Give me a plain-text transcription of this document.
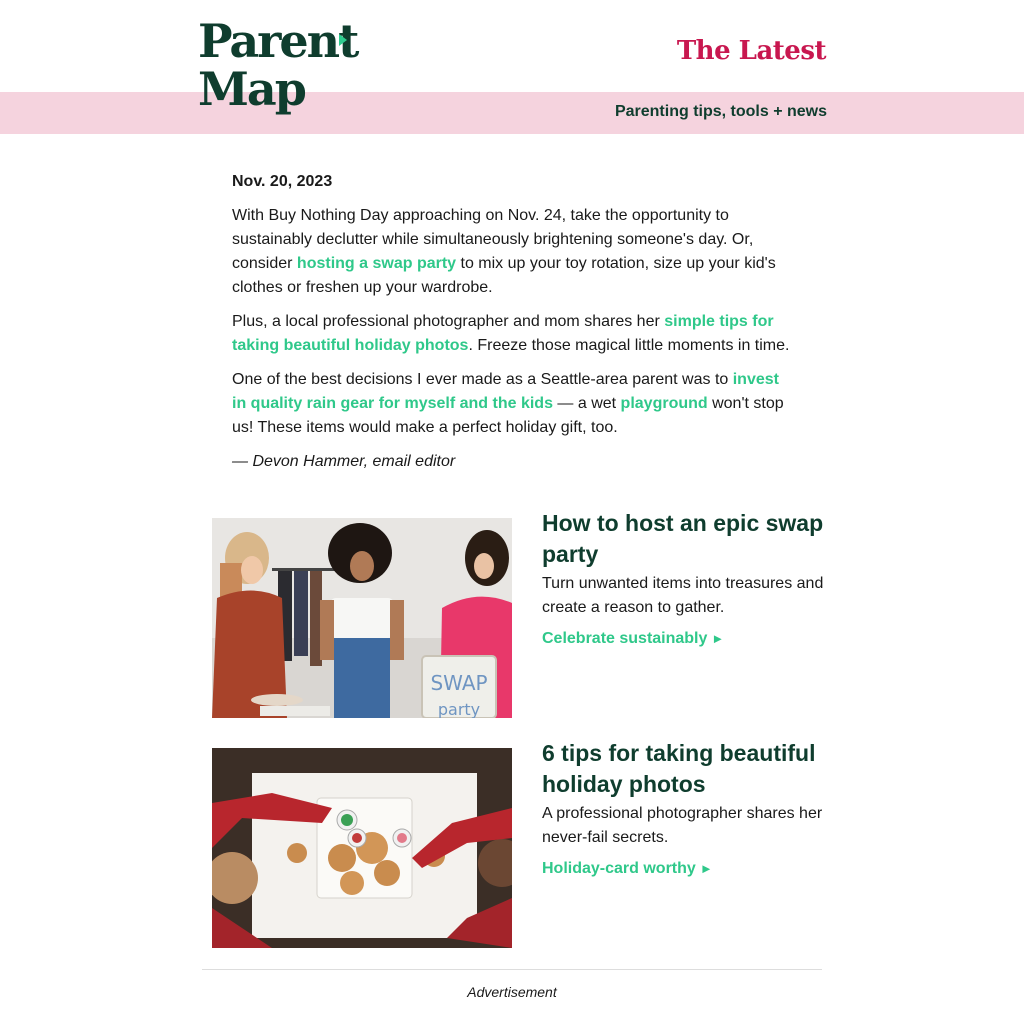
Parent
Map
The Latest
Parenting tips, tools + news
Nov. 20, 2023

With Buy Nothing Day approaching on Nov. 24, take the opportunity to sustainably declutter while simultaneously brightening someone's day. Or, consider hosting a swap party to mix up your toy rotation, size up your kid's clothes or freshen up your wardrobe.

Plus, a local professional photographer and mom shares her simple tips for taking beautiful holiday photos. Freeze those magical little moments in time.

One of the best decisions I ever made as a Seattle-area parent was to invest in quality rain gear for myself and the kids — a wet playground won't stop us! These items would make a perfect holiday gift, too.

— Devon Hammer, email editor

SWAP
party
How to host an epic swap party
Turn unwanted items into treasures and create a reason to gather.
Celebrate sustainably ►
6 tips for taking beautiful holiday photos
A professional photographer shares her never-fail secrets.
Holiday-card worthy ►
Advertisement
